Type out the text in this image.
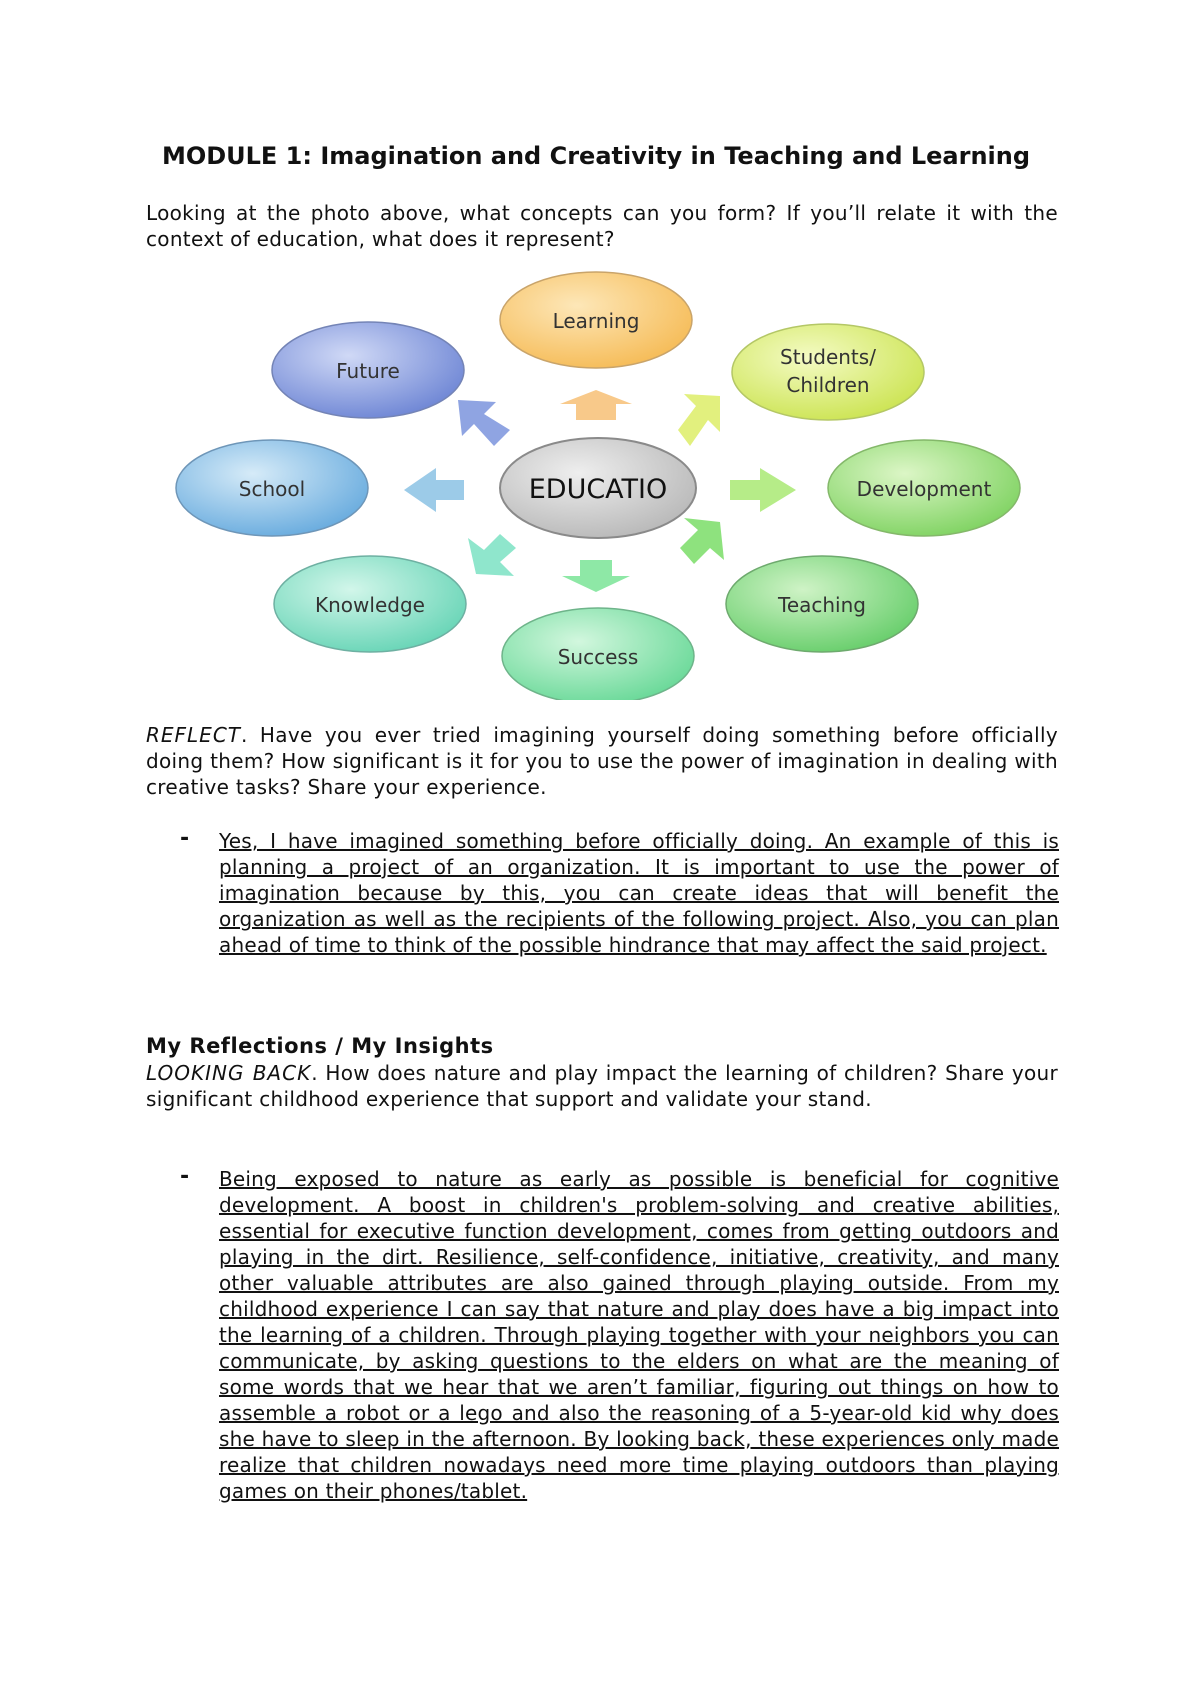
MODULE 1: Imagination and Creativity in Teaching and Learning
Looking at the photo above, what concepts can you form? If you’ll relate it with the context of education, what does it represent?
Learning
Students/
Children
Development
Teaching
Success
Knowledge
School
Future
EDUCATIO
REFLECT. Have you ever tried imagining yourself doing something before officially doing them? How significant is it for you to use the power of imagination in dealing with creative tasks? Share your experience.
- Yes, I have imagined something before officially doing. An example of this is planning a project of an organization. It is important to use the power of imagination because by this, you can create ideas that will benefit the organization as well as the recipients of the following project. Also, you can plan ahead of time to think of the possible hindrance that may affect the said project.
My Reflections / My Insights
LOOKING BACK. How does nature and play impact the learning of children? Share your significant childhood experience that support and validate your stand.
- Being exposed to nature as early as possible is beneficial for cognitive development. A boost in children's problem-solving and creative abilities, essential for executive function development, comes from getting outdoors and playing in the dirt. Resilience, self-confidence, initiative, creativity, and many other valuable attributes are also gained through playing outside. From my childhood experience I can say that nature and play does have a big impact into the learning of a children. Through playing together with your neighbors you can communicate, by asking questions to the elders on what are the meaning of some words that we hear that we aren’t familiar, figuring out things on how to assemble a robot or a lego and also the reasoning of a 5-year-old kid why does she have to sleep in the afternoon. By looking back, these experiences only made realize that children nowadays need more time playing outdoors than playing games on their phones/tablet.
